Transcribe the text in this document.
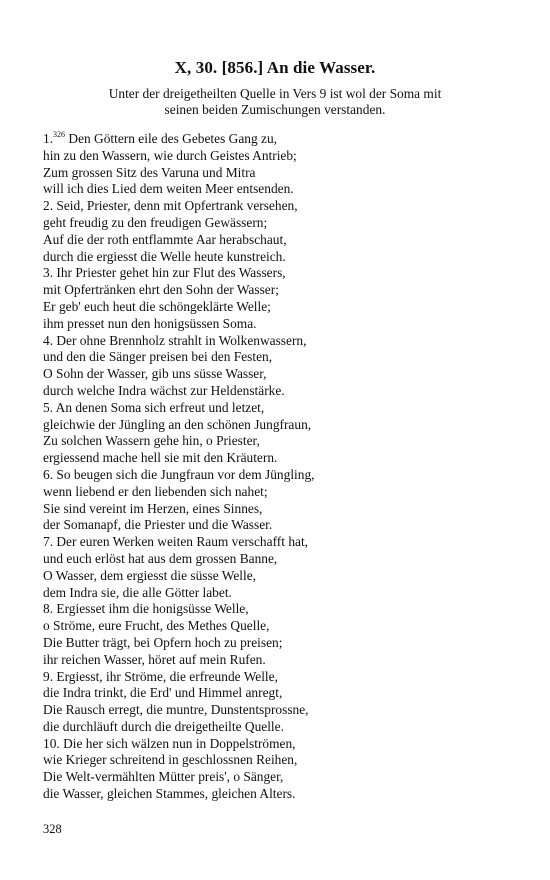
X, 30. [856.] An die Wasser.
Unter der dreigetheilten Quelle in Vers 9 ist wol der Soma mit
seinen beiden Zumischungen verstanden.
1.$^{326}$ Den Göttern eile des Gebetes Gang zu,
hin zu den Wassern, wie durch Geistes Antrieb;
Zum grossen Sitz des Varuna und Mitra
will ich dies Lied dem weiten Meer entsenden.
2. Seid, Priester, denn mit Opfertrank versehen,
geht freudig zu den freudigen Gewässern;
Auf die der roth entflammte Aar herabschaut,
durch die ergiesst die Welle heute kunstreich.
3. Ihr Priester gehet hin zur Flut des Wassers,
mit Opfertränken ehrt den Sohn der Wasser;
Er geb' euch heut die schöngeklärte Welle;
ihm presset nun den honigsüssen Soma.
4. Der ohne Brennholz strahlt in Wolkenwassern,
und den die Sänger preisen bei den Festen,
O Sohn der Wasser, gib uns süsse Wasser,
durch welche Indra wächst zur Heldenstärke.
5. An denen Soma sich erfreut und letzet,
gleichwie der Jüngling an den schönen Jungfraun,
Zu solchen Wassern gehe hin, o Priester,
ergiessend mache hell sie mit den Kräutern.
6. So beugen sich die Jungfraun vor dem Jüngling,
wenn liebend er den liebenden sich nahet;
Sie sind vereint im Herzen, eines Sinnes,
der Somanapf, die Priester und die Wasser.
7. Der euren Werken weiten Raum verschafft hat,
und euch erlöst hat aus dem grossen Banne,
O Wasser, dem ergiesst die süsse Welle,
dem Indra sie, die alle Götter labet.
8. Ergiesset ihm die honigsüsse Welle,
o Ströme, eure Frucht, des Methes Quelle,
Die Butter trägt, bei Opfern hoch zu preisen;
ihr reichen Wasser, höret auf mein Rufen.
9. Ergiesst, ihr Ströme, die erfreunde Welle,
die Indra trinkt, die Erd' und Himmel anregt,
Die Rausch erregt, die muntre, Dunstentsprossne,
die durchläuft durch die dreigetheilte Quelle.
10. Die her sich wälzen nun in Doppelströmen,
wie Krieger schreitend in geschlossnen Reihen,
Die Welt-vermählten Mütter preis', o Sänger,
die Wasser, gleichen Stammes, gleichen Alters.
328
